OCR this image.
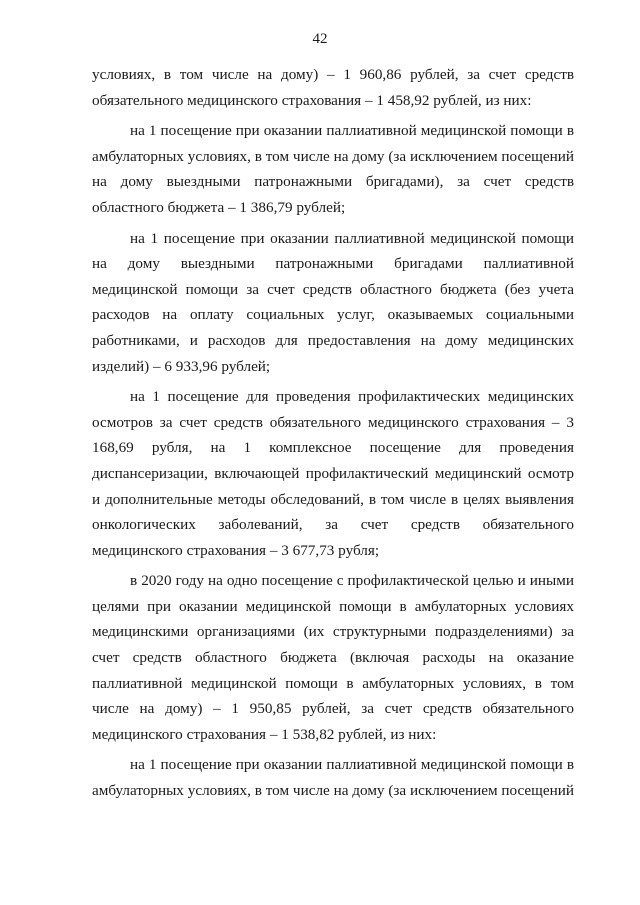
42

условиях, в том числе на дому) – 1 960,86 рублей, за счет средств обязательного медицинского страхования – 1 458,92 рублей, из них:

на 1 посещение при оказании паллиативной медицинской помощи в амбулаторных условиях, в том числе на дому (за исключением посещений на дому выездными патронажными бригадами), за счет средств областного бюджета – 1 386,79 рублей;

на 1 посещение при оказании паллиативной медицинской помощи на дому выездными патронажными бригадами паллиативной медицинской помощи за счет средств областного бюджета (без учета расходов на оплату социальных услуг, оказываемых социальными работниками, и расходов для предоставления на дому медицинских изделий) – 6 933,96 рублей;

на 1 посещение для проведения профилактических медицинских осмотров за счет средств обязательного медицинского страхования – 3 168,69 рубля, на 1 комплексное посещение для проведения диспансеризации, включающей профилактический медицинский осмотр и дополнительные методы обследований, в том числе в целях выявления онкологических заболеваний, за счет средств обязательного медицинского страхования – 3 677,73 рубля;

в 2020 году на одно посещение с профилактической целью и иными целями при оказании медицинской помощи в амбулаторных условиях медицинскими организациями (их структурными подразделениями) за счет средств областного бюджета (включая расходы на оказание паллиативной медицинской помощи в амбулаторных условиях, в том числе на дому) – 1 950,85 рублей, за счет средств обязательного медицинского страхования – 1 538,82 рублей, из них:

на 1 посещение при оказании паллиативной медицинской помощи в амбулаторных условиях, в том числе на дому (за исключением посещений
